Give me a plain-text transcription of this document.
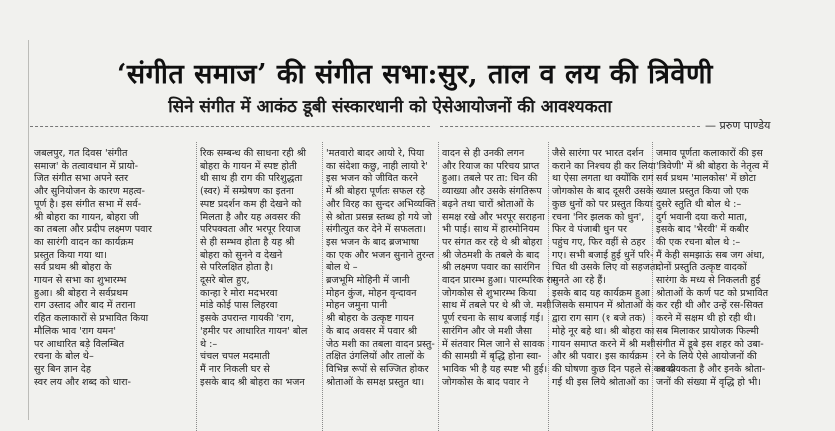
‘संगीत समाज’ की संगीत सभा:सुर, ताल व लय की त्रिवेणी
सिने संगीत में आकंठ डूबी संस्कारधानी को ऐसेआयोजनों की आवश्यकता
— प्ररुण पाण्डेय

जबलपुर, गत दिवस 'संगीत

समाज' के तत्वावधान में प्रायो-

जित संगीत सभा अपने स्तर

और सुनियोजन के कारण महत्व-

पूर्ण है। इस संगीत सभा में सर्व-

श्री बोहरा का गायन, बोहरा जी

का तबला और प्रदीप लक्ष्मण पवार

का सारंगी वादन का कार्यक्रम

प्रस्तुत किया गया था।

सर्व प्रथम श्री बोहरा के

गायन से सभा का शुभारम्भ

हुआ। श्री बोहरा ने सर्वप्रथम

राग उस्ताद और बाद में तराना

रहित कलाकारों से प्रभावित किया

मौलिक भाव 'राग यमन'

पर आधारित बड़े विलम्बित

रचना के बोल थे–

सुर बिन ज्ञान देह

स्वर लय और शब्द को धारा-

रिक सम्बन्ध की साधना रही श्री

बोहरा के गायन में स्पष्ट होती

थी साथ ही राग की परिशुद्धता

(स्वर) में सम्प्रेषण का इतना

स्पष्ट प्रदर्शन कम ही देखने को

मिलता है और यह अवसर की

परिपक्वता और भरपूर रियाज

से ही सम्भव होता है यह श्री

बोहरा को सुनने व देखने

से परिलक्षित होता है।

दूसरे बोल हुए,

कान्हा रे मोरा मदभरवा

मांडे कोई पास लिहरवा

इसके उपरान्त गायकी 'राग,

'हमीर पर आधारित गायन' बोल

थे :–

चंचल चपल मदमाती

मैं नार निकली घर से

इसके बाद श्री बोहरा का भजन

'मतवारो बादर आयो रे, पिया

का संदेशा कछु, नाही लायो रे'

इस भजन को जीवित करने

में श्री बोहरा पूर्णतः सफल रहे

और विरह का सुन्दर अभिव्यक्ति

से श्रोता प्रसन्न स्तब्ध हो गये जो

संगीत्युत कर देने में सफलता।

इस भजन के बाद ब्रजभाषा

का एक और भजन सुनाने तुरन्त

बोल थे –

ब्रजभूमि मोहिनी में जानी

मोहन कुंज, मोहन वृन्दावन

मोहन जमुना पानी

श्री बोहरा के उत्कृष्ट गायन

के बाद अवसर में पवार श्री

जेठ मशी का तबला वादन प्रस्तु-

तक्षित उंगलियों और तालों के

विभिन्न रूपों से सज्जित होकर

श्रोताओं के समक्ष प्रस्तुत था।

वादन से ही उनकी लगन

और रियाज का परिचय प्राप्त

हुआ। तबले पर ता: धिन की

व्याख्या और उसके संगतिरूप

बढ़ने तथा चारों श्रोताओं के

समक्ष रखे और भरपूर सराहना

भी पाई। साथ में हारमोनियम

पर संगत कर रहे थे श्री बोहरा

श्री जेठमशी के तबले के बाद

श्री लक्ष्मण पवार का सारंगिन

वादन प्रारम्भ हुआ। पारम्परिक राग

जोगकोस से शुभारम्भ किया

साथ में तबले पर थे श्री जे. मशी

पूर्ण रचना के साथ बजाई गई।

सारंगिन और जे मशी जैसा

में संतवार मिल जाने से सावक

की सामग्री में बृद्धि होना स्वा-

भाविक भी है यह स्पष्ट भी हुई।

जोगकोस के बाद पवार ने

जैसे सारंगा पर भारत दर्शन

कराने का निश्चय ही कर लिया

था ऐसा लगता था क्योंकि राग

जोगकोस के बाद दूसरी उसके

कुछ धुनों को पर प्रस्तुत किया

रचना 'निर झलक को धुन',

फिर वे पंजाबी धुन पर

पहुंच गए, फिर वहीं से ठहर

गए। सभी बजाई हुई धुनें परि-

चित थी उसके लिए वो सहजता

सुनते आ रहे हैं।

इसके बाद यह कार्यक्रम हुआ

जिसके समापन में श्रोताओं के

द्वारा राग साग (१ बजे तक)

मोहे नूर बहे था। श्री बोहरा का

गायन समाप्त करने में श्री मशी

और श्री पवार। इस कार्यक्रम

की घोषणा कुछ दिन पहले से कर दी

गई थी इस लिये श्रोताओं का

जमाव पूर्णता कलाकारों की इस

'त्रिवेणी' में श्री बोहरा के नेतृत्व में

सर्व प्रथम 'मालकोस' में छोटा

ख्याल प्रस्तुत किया जो एक

दुसरे स्तुति थी बोल थे :–

दुर्ग भवानी दया करो माता,

इसके बाद 'भैरवी' में कबीर

की एक रचना बोल थे :–

मैं केही समझाऊं सब जग अंधा,

दोनों प्रस्तुति उत्कृष्ट वादकों

सारंगा के मध्य से निकलती हुई

श्रोताओं के कर्ण पट को प्रभावित

कर रही थी और उन्हें रस-सिक्त

करने में सक्षम थी हो रही थी।

सब मिलाकर प्रायोजक फिल्मी

संगीत में डूबे इस शहर को उबा-

रने के लिये ऐसे आयोजनों की

आवश्यकता है और इनके श्रोता-

जनों की संख्या में वृद्धि हो भी।
